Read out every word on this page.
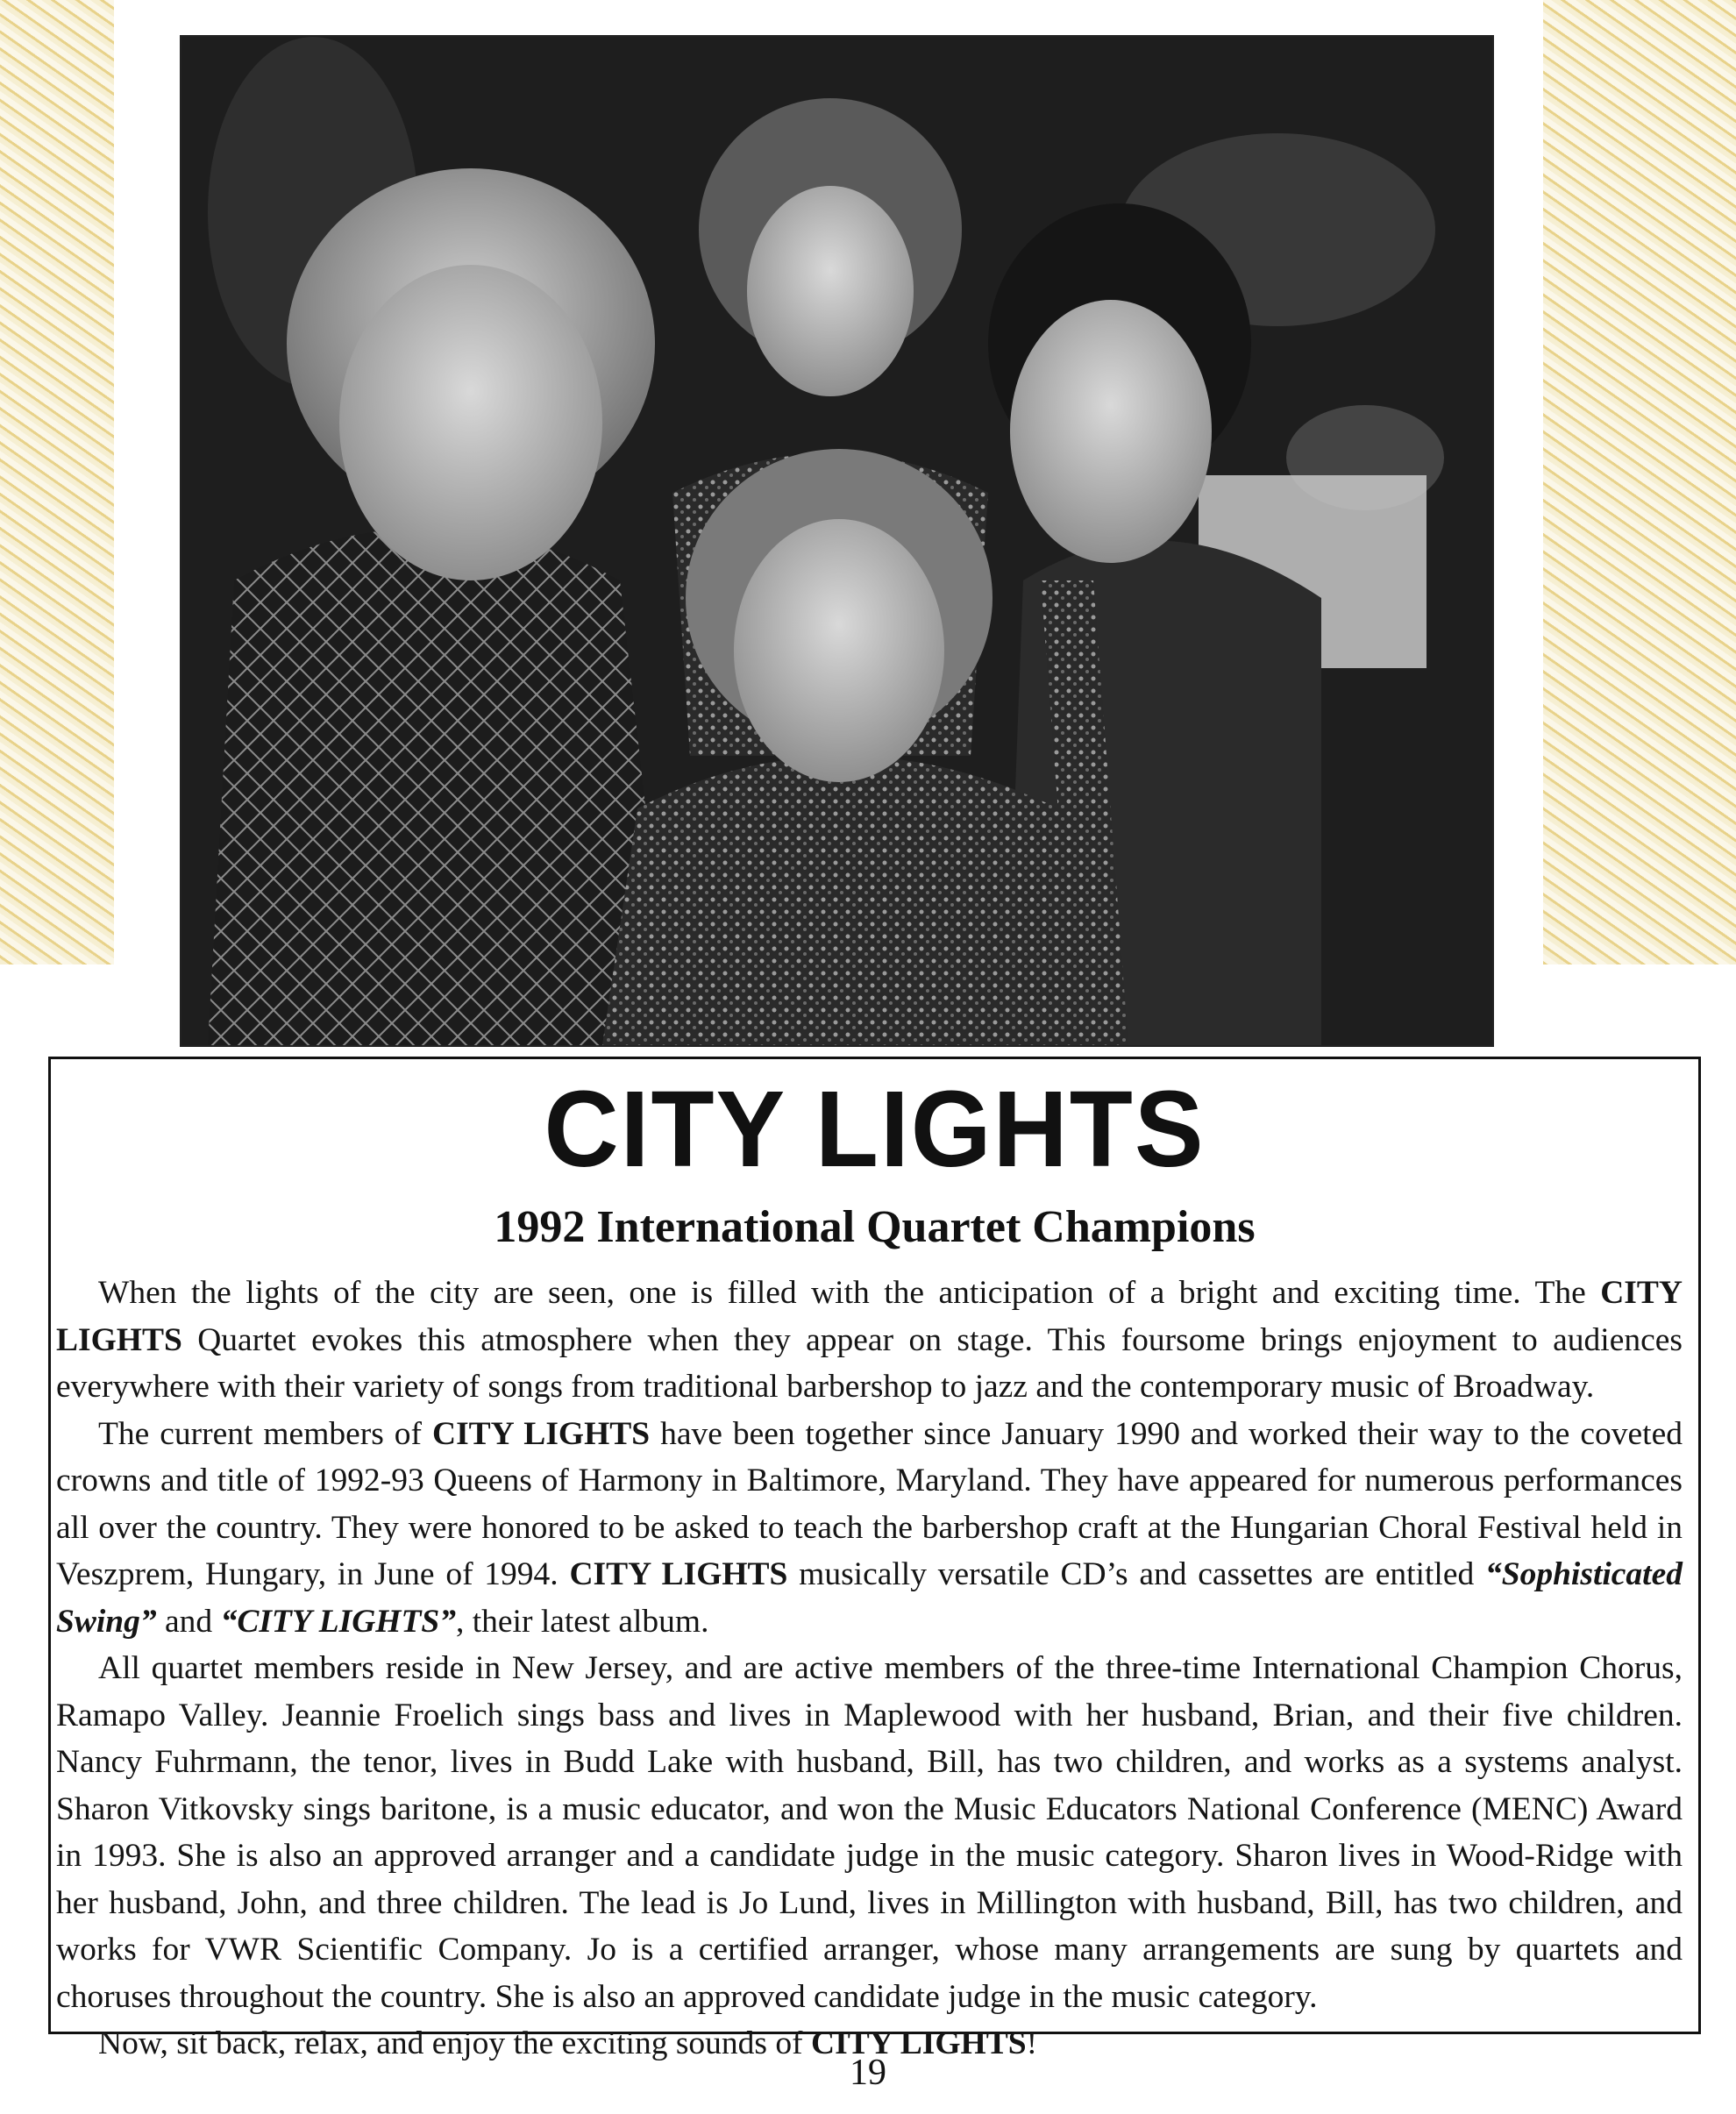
CITY LIGHTS
1992 International Quartet Champions

When the lights of the city are seen, one is filled with the anticipation of a bright and exciting time. The CITY LIGHTS Quartet evokes this atmosphere when they appear on stage. This foursome brings enjoyment to audiences everywhere with their variety of songs from traditional barbershop to jazz and the contemporary music of Broadway.

The current members of CITY LIGHTS have been together since January 1990 and worked their way to the coveted crowns and title of 1992-93 Queens of Harmony in Baltimore, Maryland. They have appeared for numerous performances all over the country. They were honored to be asked to teach the barbershop craft at the Hungarian Choral Festival held in Veszprem, Hungary, in June of 1994. CITY LIGHTS musically versatile CD’s and cassettes are entitled “Sophisticated Swing” and “CITY LIGHTS”, their latest album.

All quartet members reside in New Jersey, and are active members of the three-time International Champion Chorus, Ramapo Valley. Jeannie Froelich sings bass and lives in Maplewood with her husband, Brian, and their five children. Nancy Fuhrmann, the tenor, lives in Budd Lake with husband, Bill, has two children, and works as a systems analyst. Sharon Vitkovsky sings baritone, is a music educator, and won the Music Educators National Conference (MENC) Award in 1993. She is also an approved arranger and a candidate judge in the music category. Sharon lives in Wood-Ridge with her husband, John, and three children. The lead is Jo Lund, lives in Millington with husband, Bill, has two children, and works for VWR Scientific Company. Jo is a certified arranger, whose many arrangements are sung by quartets and choruses throughout the country. She is also an approved candidate judge in the music category.

Now, sit back, relax, and enjoy the exciting sounds of CITY LIGHTS!

19
